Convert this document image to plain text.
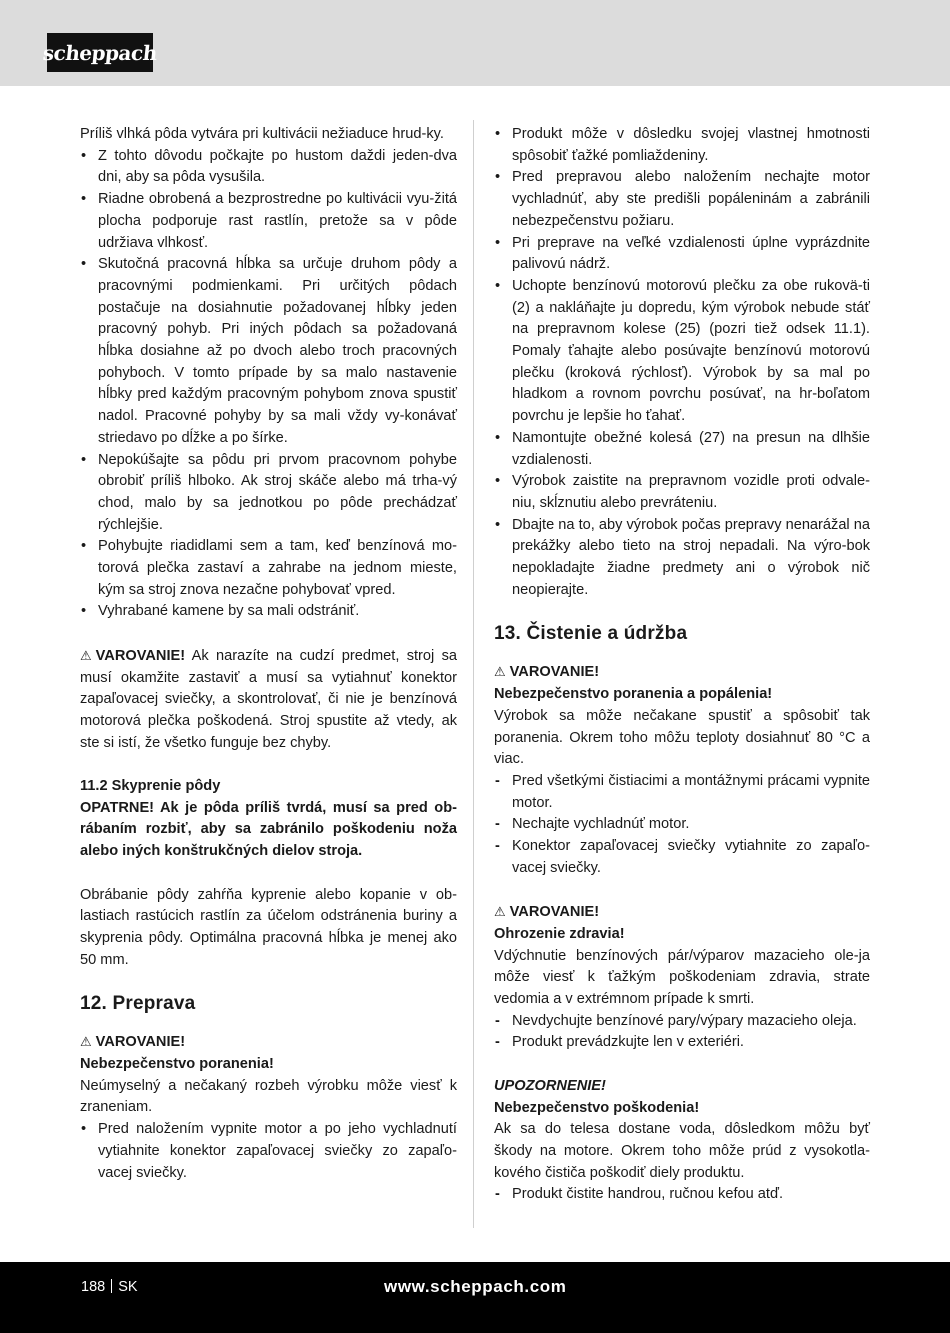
scheppach

Príliš vlhká pôda vytvára pri kultivácii nežiaduce hrud-ky.

• Z tohto dôvodu počkajte po hustom daždi jeden-dva dni, aby sa pôda vysušila.
• Riadne obrobená a bezprostredne po kultivácii vyu-žitá plocha podporuje rast rastlín, pretože sa v pôde udržiava vlhkosť.
• Skutočná pracovná hĺbka sa určuje druhom pôdy a pracovnými podmienkami. Pri určitých pôdach postačuje na dosiahnutie požadovanej hĺbky jeden pracovný pohyb. Pri iných pôdach sa požadovaná hĺbka dosiahne až po dvoch alebo troch pracovných pohyboch. V tomto prípade by sa malo nastavenie hĺbky pred každým pracovným pohybom znova spustiť nadol. Pracovné pohyby by sa mali vždy vy-konávať striedavo po dĺžke a po šírke.
• Nepokúšajte sa pôdu pri prvom pracovnom pohybe obrobiť príliš hlboko. Ak stroj skáče alebo má trha-vý chod, malo by sa jednotkou po pôde prechádzať rýchlejšie.
• Pohybujte riadidlami sem a tam, keď benzínová mo-torová plečka zastaví a zahrabe na jednom mieste, kým sa stroj znova nezačne pohybovať vpred.
• Vyhrabané kamene by sa mali odstrániť.

⚠ VAROVANIE! Ak narazíte na cudzí predmet, stroj sa musí okamžite zastaviť a musí sa vytiahnuť konektor zapaľovacej sviečky, a skontrolovať, či nie je benzínová motorová plečka poškodená. Stroj spustite až vtedy, ak ste si istí, že všetko funguje bez chyby.

11.2 Skyprenie pôdy

OPATRNE! Ak je pôda príliš tvrdá, musí sa pred ob-rábaním rozbiť, aby sa zabránilo poškodeniu noža alebo iných konštrukčných dielov stroja.

Obrábanie pôdy zahŕňa kyprenie alebo kopanie v ob-lastiach rastúcich rastlín za účelom odstránenia buriny a skyprenia pôdy. Optimálna pracovná hĺbka je menej ako 50 mm.

12. Preprava

⚠ VAROVANIE!

Nebezpečenstvo poranenia!

Neúmyselný a nečakaný rozbeh výrobku môže viesť k zraneniam.

• Pred naložením vypnite motor a po jeho vychladnutí vytiahnite konektor zapaľovacej sviečky zo zapaľo-vacej sviečky.
• Produkt môže v dôsledku svojej vlastnej hmotnosti spôsobiť ťažké pomliaždeniny.
• Pred prepravou alebo naložením nechajte motor vychladnúť, aby ste predišli popáleninám a zabránili nebezpečenstvu požiaru.
• Pri preprave na veľké vzdialenosti úplne vyprázdnite palivovú nádrž.
• Uchopte benzínovú motorovú plečku za obe rukovä-ti (2) a nakláňajte ju dopredu, kým výrobok nebude stáť na prepravnom kolese (25) (pozri tiež odsek 11.1). Pomaly ťahajte alebo posúvajte benzínovú motorovú plečku (kroková rýchlosť). Výrobok by sa mal po hladkom a rovnom povrchu posúvať, na hr-boľatom povrchu je lepšie ho ťahať.
• Namontujte obežné kolesá (27) na presun na dlhšie vzdialenosti.
• Výrobok zaistite na prepravnom vozidle proti odvale-niu, skĺznutiu alebo prevráteniu.
• Dbajte na to, aby výrobok počas prepravy nenarážal na prekážky alebo tieto na stroj nepadali. Na výro-bok nepokladajte žiadne predmety ani o výrobok nič neopierajte.
13. Čistenie a údržba

⚠ VAROVANIE!

Nebezpečenstvo poranenia a popálenia!

Výrobok sa môže nečakane spustiť a spôsobiť tak poranenia. Okrem toho môžu teploty dosiahnuť 80 °C a viac.

- Pred všetkými čistiacimi a montážnymi prácami vypnite motor.
- Nechajte vychladnúť motor.
- Konektor zapaľovacej sviečky vytiahnite zo zapaľo-vacej sviečky.

⚠ VAROVANIE!

Ohrozenie zdravia!

Vdýchnutie benzínových pár/výparov mazacieho ole-ja môže viesť k ťažkým poškodeniam zdravia, strate vedomia a v extrémnom prípade k smrti.

- Nevdychujte benzínové pary/výpary mazacieho oleja.
- Produkt prevádzkujte len v exteriéri.

UPOZORNENIE!

Nebezpečenstvo poškodenia!

Ak sa do telesa dostane voda, dôsledkom môžu byť škody na motore. Okrem toho môže prúd z vysokotla-kového čističa poškodiť diely produktu.

- Produkt čistite handrou, ručnou kefou atď.
188 SK	www.scheppach.com
